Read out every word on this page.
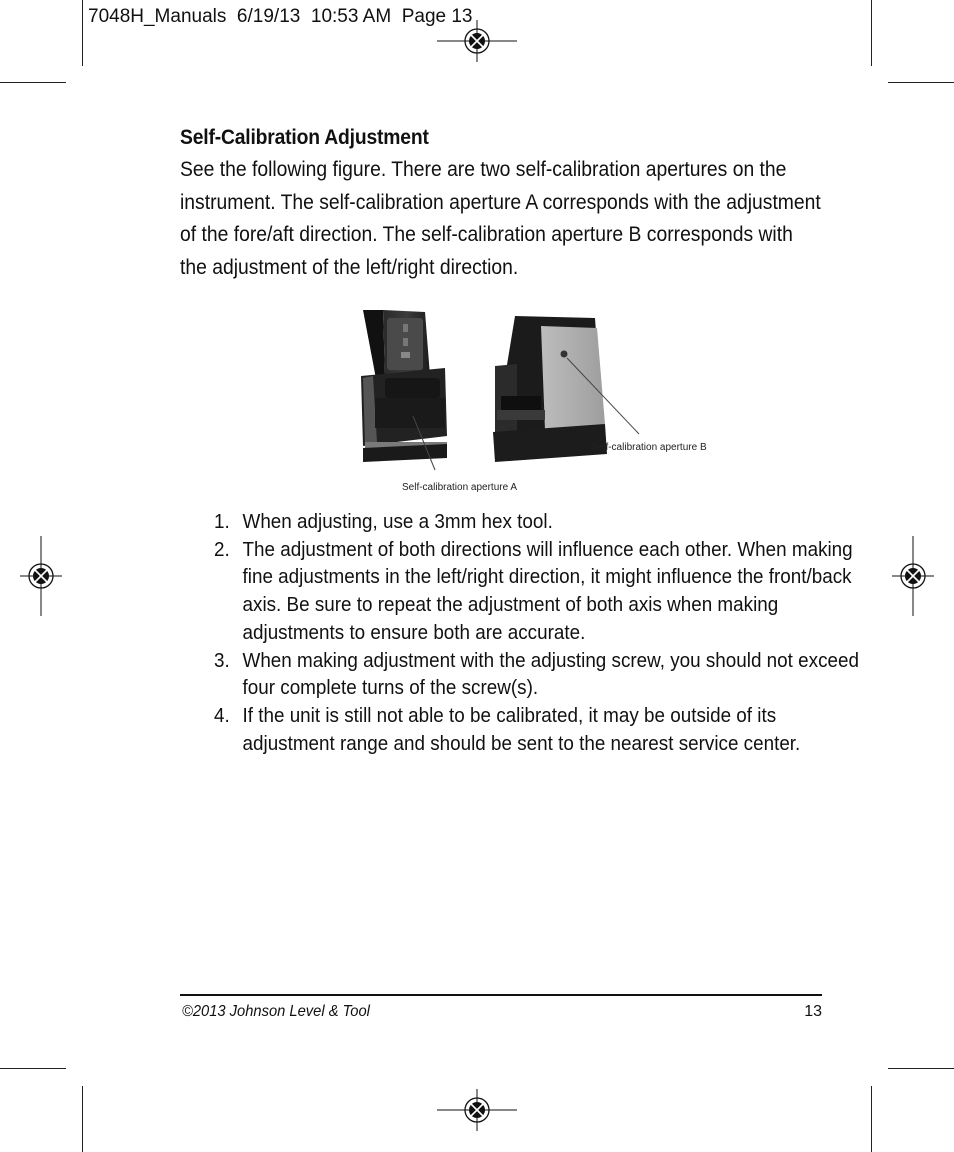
7048H_Manuals  6/19/13  10:53 AM  Page 13
Self-Calibration Adjustment

See the following figure. There are two self-calibration apertures on the instrument. The self-calibration aperture A corresponds with the adjustment of the fore/aft direction. The self-calibration aperture B corresponds with the adjustment of the left/right direction.

Self-calibration aperture B
Self-calibration aperture A
1. When adjusting, use a 3mm hex tool.
2. The adjustment of both directions will influence each other. When making fine adjustments in the left/right direction, it might influence the front/back axis. Be sure to repeat the adjustment of both axis when making adjustments to ensure both are accurate.
3. When making adjustment with the adjusting screw, you should not exceed four complete turns of the screw(s).
4. If the unit is still not able to be calibrated, it may be outside of its adjustment range and should be sent to the nearest service center.
©2013 Johnson Level & Tool	13
